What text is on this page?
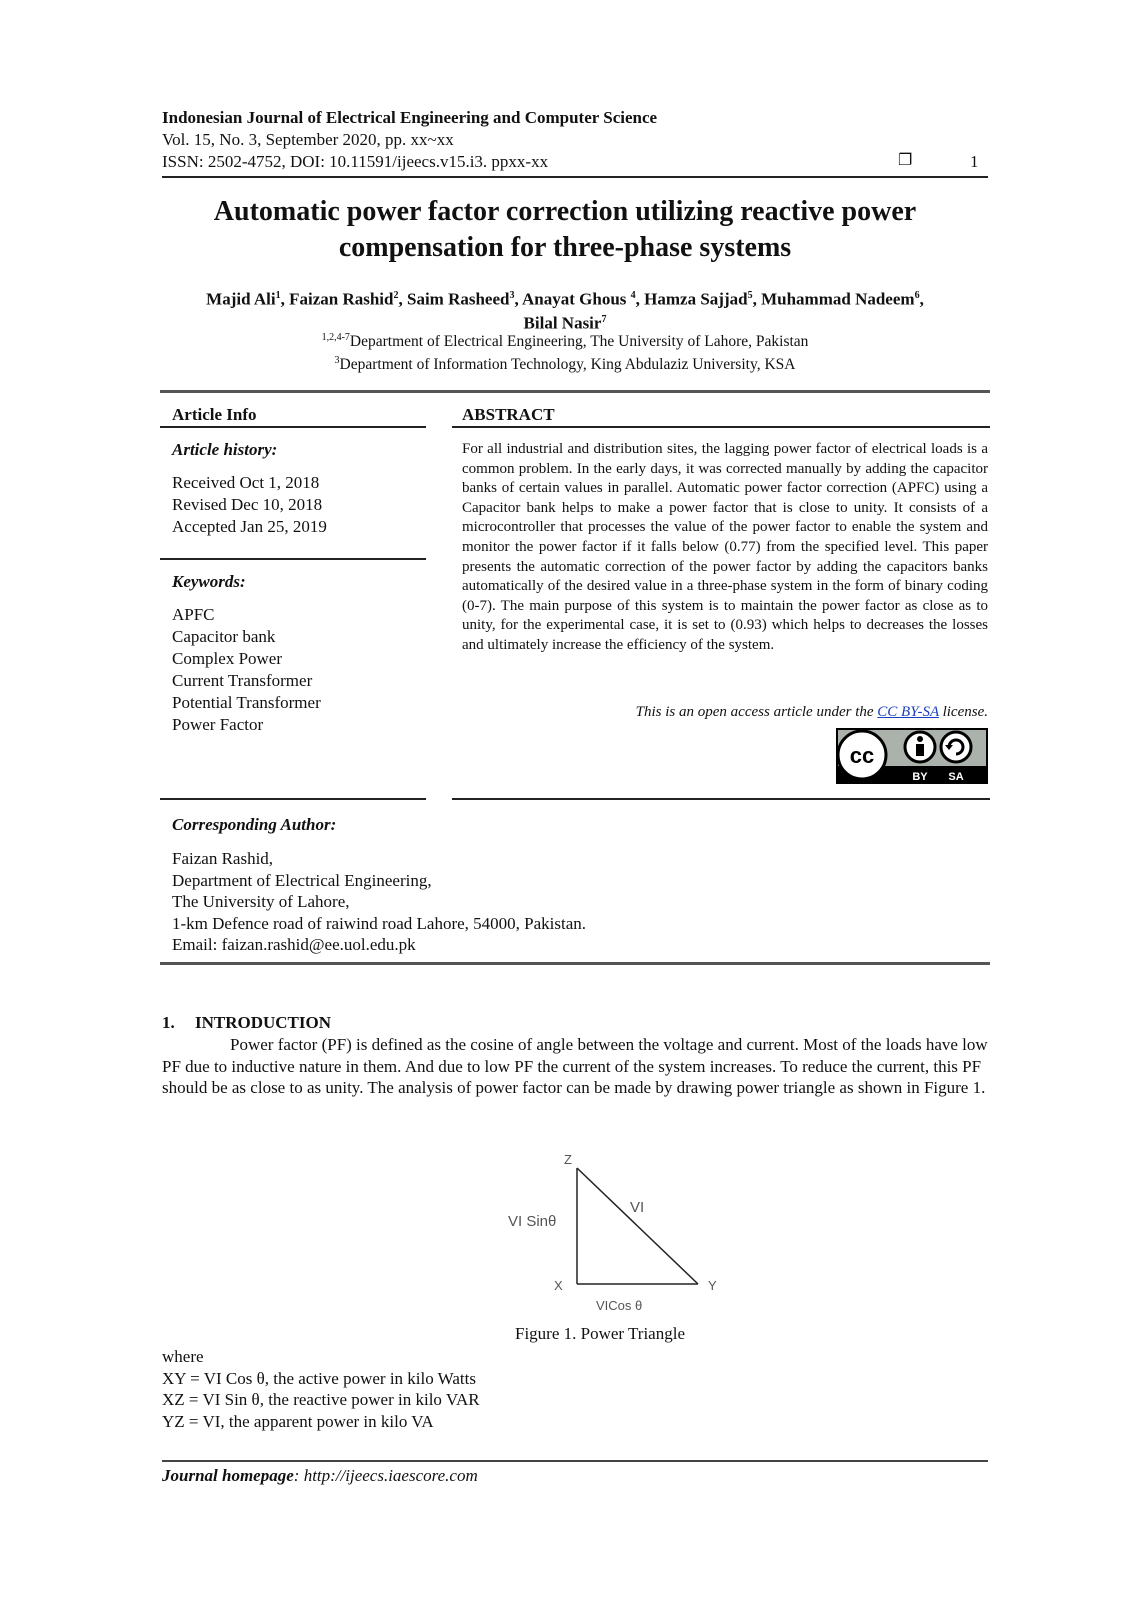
Indonesian Journal of Electrical Engineering and Computer Science
Vol. 15, No. 3, September 2020, pp. xx~xx
ISSN: 2502-4752, DOI: 10.11591/ijeecs.v15.i3. ppxx-xx	❐	1
Automatic power factor correction utilizing reactive power
compensation for three-phase systems
Majid Ali$^1$, Faizan Rashid$^2$, Saim Rasheed$^3$, Anayat Ghous $^4$, Hamza Sajjad$^5$, Muhammad Nadeem$^6$,
Bilal Nasir$^7$
$^{1,2,4-7}$Department of Electrical Engineering, The University of Lahore, Pakistan
$^3$Department of Information Technology, King Abdulaziz University, KSA
Article Info
Article history:
Received Oct 1, 2018
Revised Dec 10, 2018
Accepted Jan 25, 2019
Keywords:
APFC
Capacitor bank
Complex Power
Current Transformer
Potential Transformer
Power Factor
ABSTRACT
For all industrial and distribution sites, the lagging power factor of electrical loads is a common problem. In the early days, it was corrected manually by adding the capacitor banks of certain values in parallel. Automatic power factor correction (APFC) using a Capacitor bank helps to make a power factor that is close to unity. It consists of a microcontroller that processes the value of the power factor to enable the system and monitor the power factor if it falls below (0.77) from the specified level. This paper presents the automatic correction of the power factor by adding the capacitors banks automatically of the desired value in a three-phase system in the form of binary coding (0-7). The main purpose of this system is to maintain the power factor as close as to unity, for the experimental case, it is set to (0.93) which helps to decreases the losses and ultimately increase the efficiency of the system.
This is an open access article under the CC BY-SA license.
cc
BY SA
Corresponding Author:
Faizan Rashid,
Department of Electrical Engineering,
The University of Lahore,
1-km Defence road of raiwind road Lahore, 54000, Pakistan.
Email: faizan.rashid@ee.uol.edu.pk
1. INTRODUCTION
Power factor (PF) is defined as the cosine of angle between the voltage and current. Most of the loads have low PF due to inductive nature in them. And due to low PF the current of the system increases. To reduce the current, this PF should be as close to as unity. The analysis of power factor can be made by drawing power triangle as shown in Figure 1.
Z
X	Y
VI
VI Sinθ
VICos θ
Figure 1. Power Triangle
where
XY = VI Cos θ, the active power in kilo Watts
XZ = VI Sin θ, the reactive power in kilo VAR
YZ = VI, the apparent power in kilo VA
Journal homepage: http://ijeecs.iaescore.com
